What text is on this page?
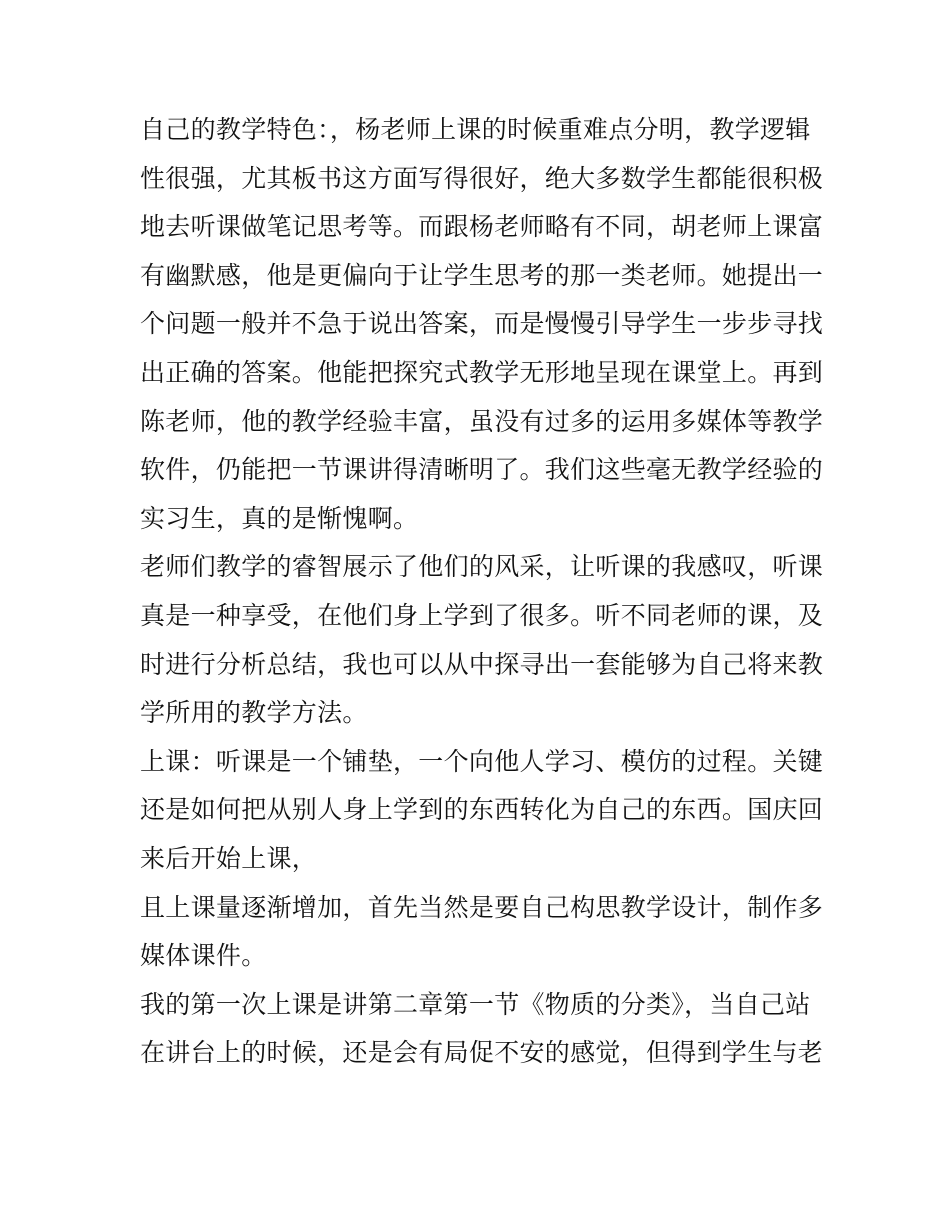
自己的教学特色：，杨老师上课的时候重难点分明，教学逻辑
性很强，尤其板书这方面写得很好，绝大多数学生都能很积极
地去听课做笔记思考等。而跟杨老师略有不同，胡老师上课富
有幽默感，他是更偏向于让学生思考的那一类老师。她提出一
个问题一般并不急于说出答案，而是慢慢引导学生一步步寻找
出正确的答案。他能把探究式教学无形地呈现在课堂上。再到
陈老师，他的教学经验丰富，虽没有过多的运用多媒体等教学
软件，仍能把一节课讲得清晰明了。我们这些毫无教学经验的
实习生，真的是惭愧啊。
老师们教学的睿智展示了他们的风采，让听课的我感叹，听课
真是一种享受，在他们身上学到了很多。听不同老师的课，及
时进行分析总结，我也可以从中探寻出一套能够为自己将来教
学所用的教学方法。
上课：听课是一个铺垫，一个向他人学习、模仿的过程。关键
还是如何把从别人身上学到的东西转化为自己的东西。国庆回
来后开始上课，
且上课量逐渐增加，首先当然是要自己构思教学设计，制作多
媒体课件。
我的第一次上课是讲第二章第一节《物质的分类》，当自己站
在讲台上的时候，还是会有局促不安的感觉，但得到学生与老
